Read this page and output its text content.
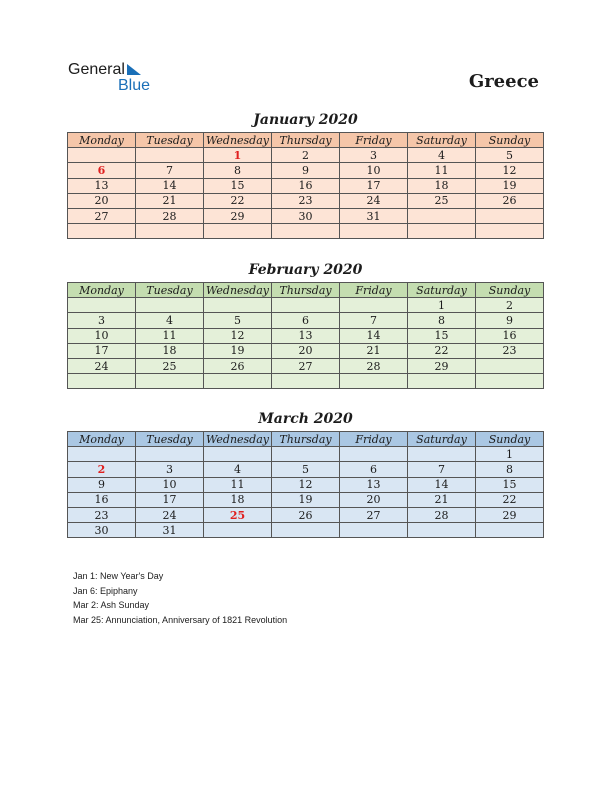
General
Blue	Greece
January 2020
Monday	Tuesday	Wednesday	Thursday	Friday	Saturday	Sunday
		1	2	3	4	5
6	7	8	9	10	11	12
13	14	15	16	17	18	19
20	21	22	23	24	25	26
27	28	29	30	31		

February 2020
Monday	Tuesday	Wednesday	Thursday	Friday	Saturday	Sunday
					1	2
3	4	5	6	7	8	9
10	11	12	13	14	15	16
17	18	19	20	21	22	23
24	25	26	27	28	29	

March 2020
Monday	Tuesday	Wednesday	Thursday	Friday	Saturday	Sunday
						1
2	3	4	5	6	7	8
9	10	11	12	13	14	15
16	17	18	19	20	21	22
23	24	25	26	27	28	29
30	31					
Jan 1: New Year's Day
Jan 6: Epiphany
Mar 2: Ash Sunday
Mar 25: Annunciation, Anniversary of 1821 Revolution
